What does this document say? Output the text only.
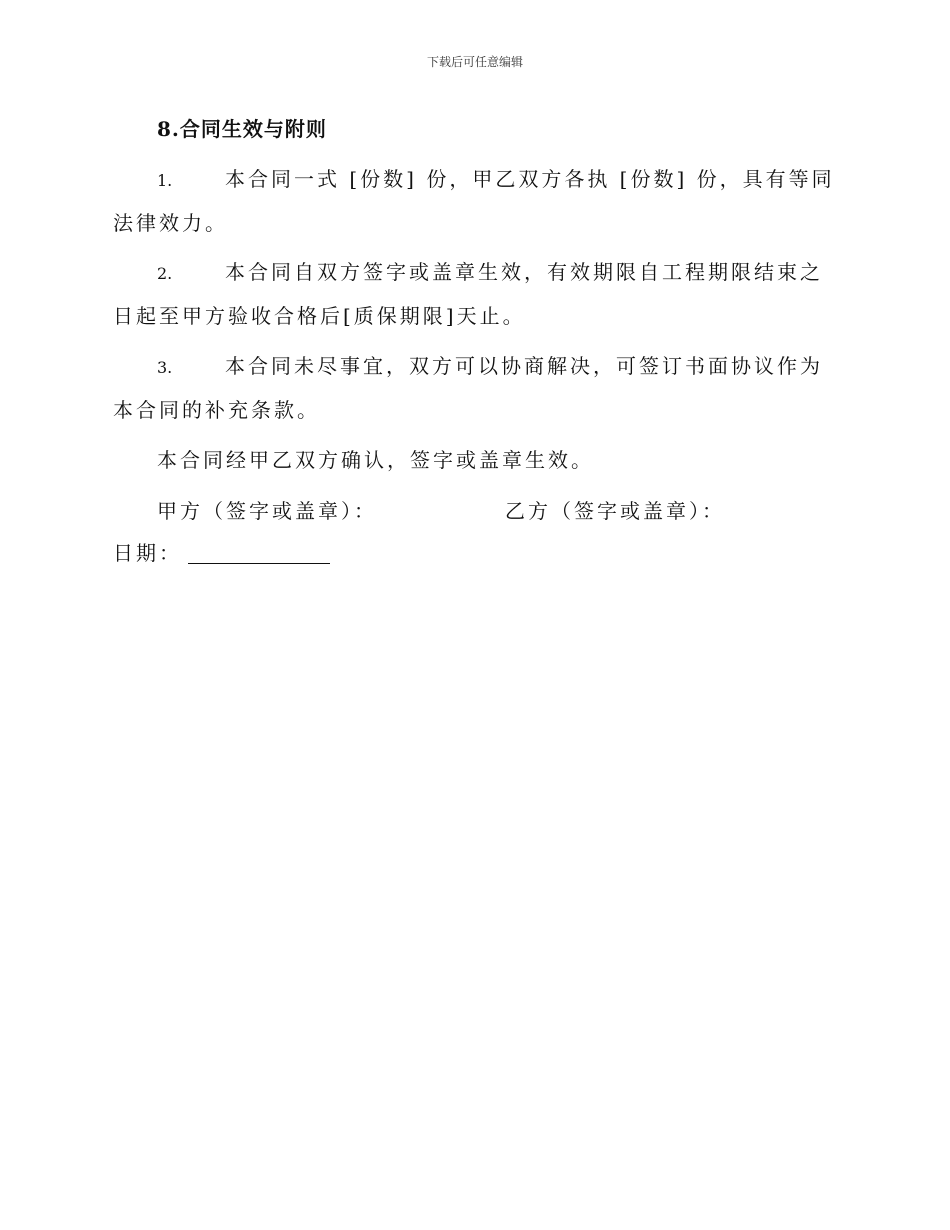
下载后可任意编辑
8.合同生效与附则
1.	本合同一式 [份数] 份，甲乙双方各执 [份数] 份，具有等同法律效力。
2.	本合同自双方签字或盖章生效，有效期限自工程期限结束之日起至甲方验收合格后[质保期限]天止。
3.	本合同未尽事宜，双方可以协商解决，可签订书面协议作为本合同的补充条款。
本合同经甲乙双方确认，签字或盖章生效。
甲方（签字或盖章）：	乙方（签字或盖章）：
日期：
